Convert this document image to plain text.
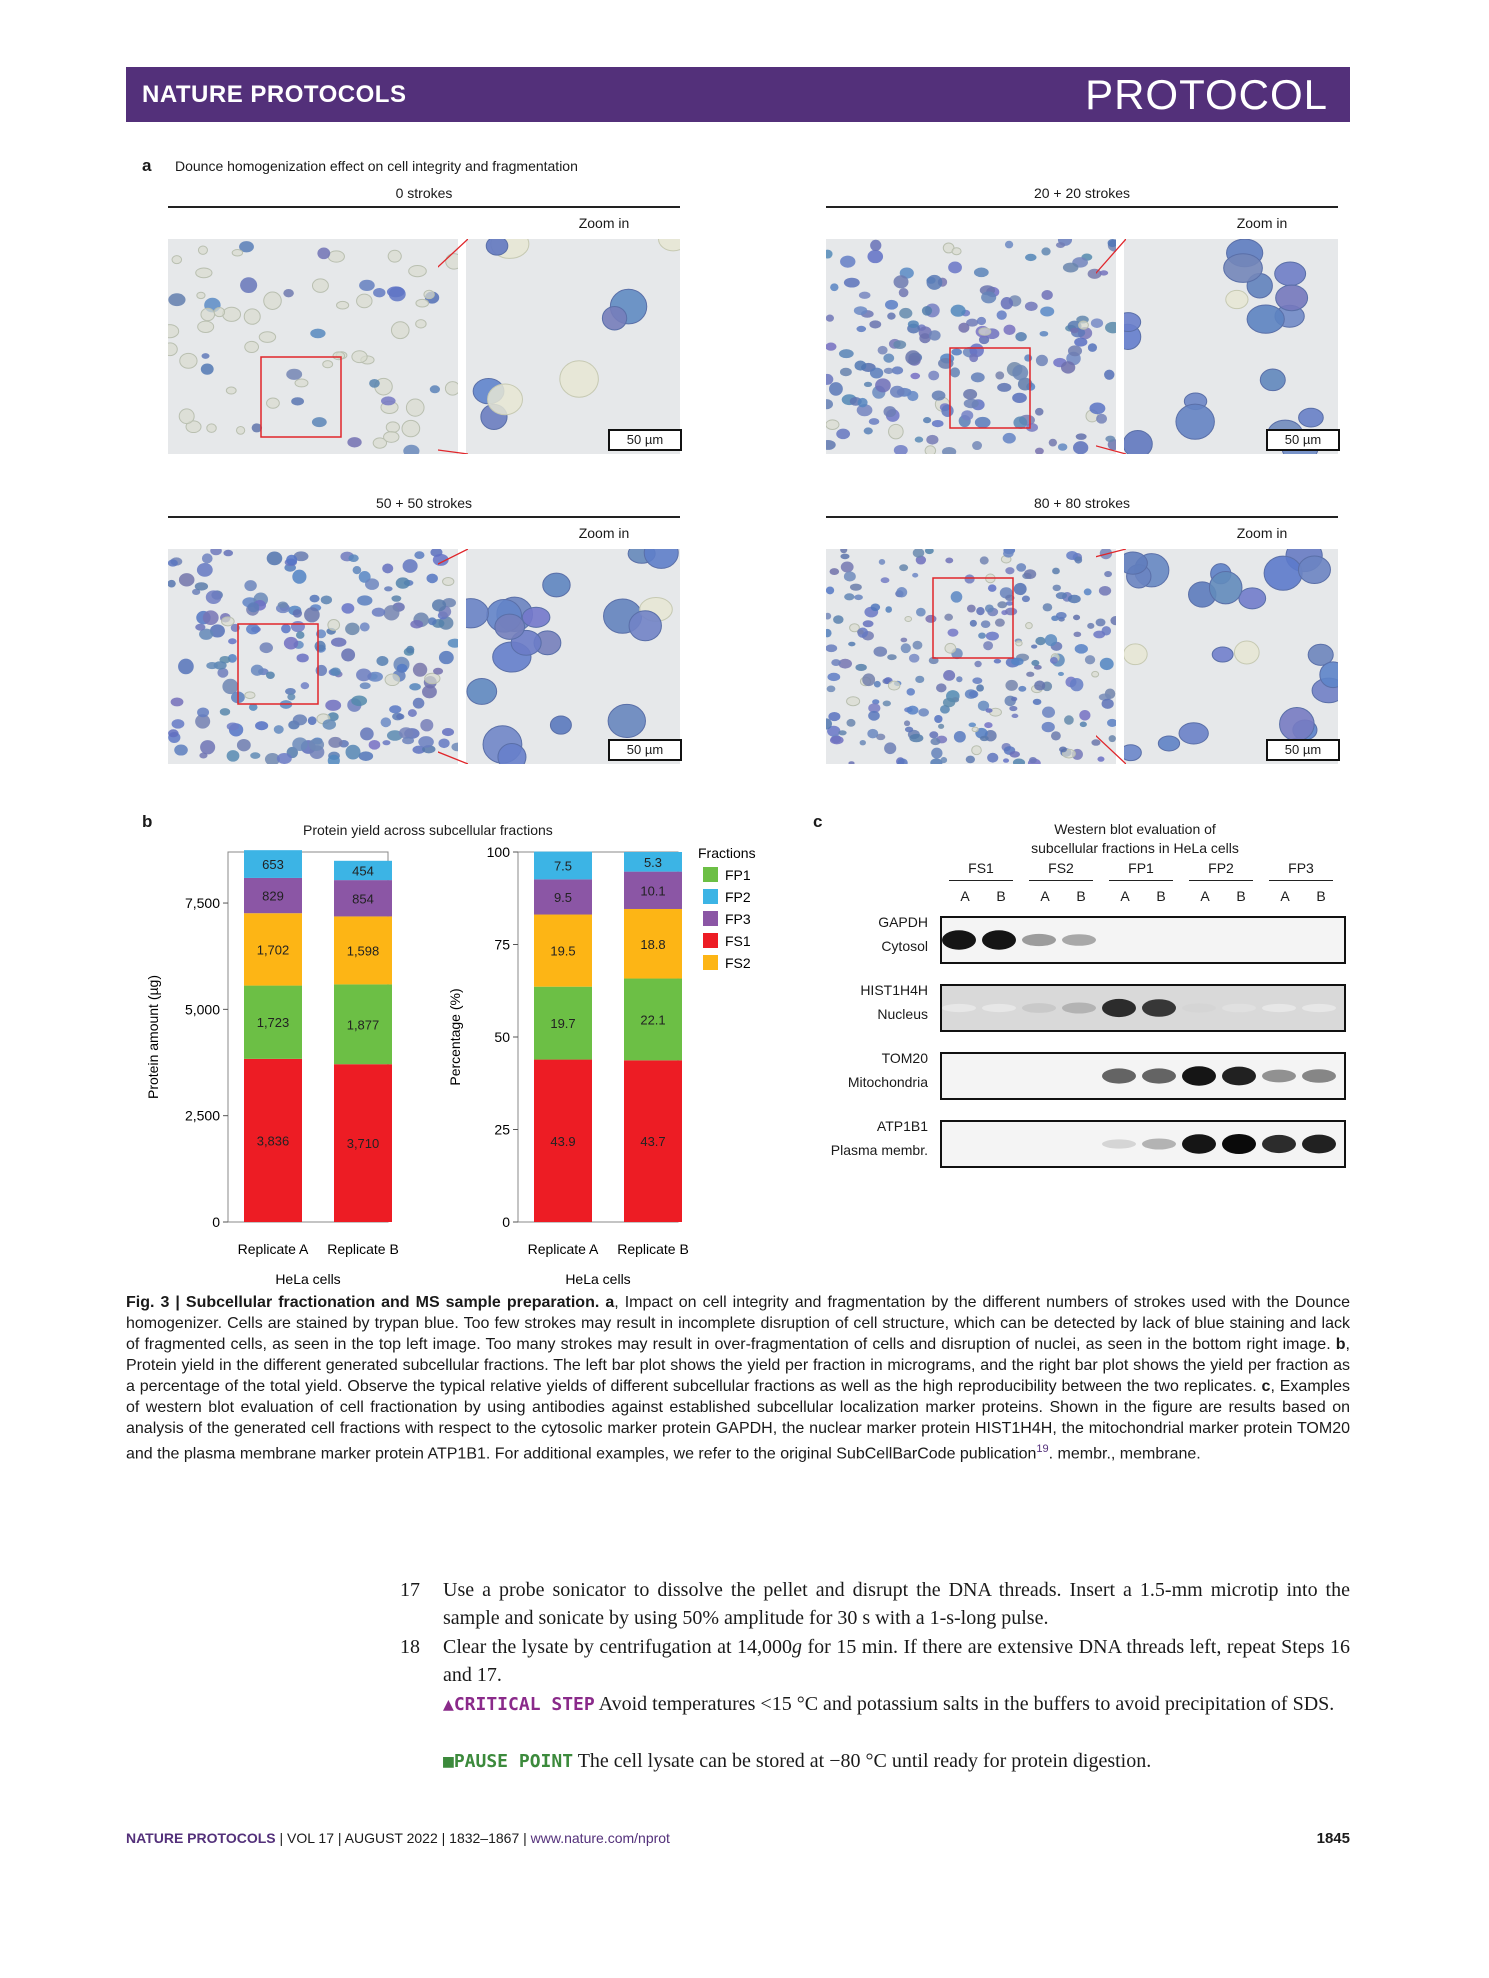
NATURE PROTOCOLS	PROTOCOL
a Dounce homogenization effect on cell integrity and fragmentation
0 strokes
Zoom in
50 µm
20 + 20 strokes
Zoom in
50 µm
50 + 50 strokes
Zoom in
50 µm
80 + 80 strokes
Zoom in
50 µm
b	Protein yield across subcellular fractions
0
2,500
5,000
7,500
Protein amount (µg)
3,836
1,723
1,702
829
653
Replicate A
3,710
1,877
1,598
854
454
Replicate B
HeLa cells
0
25
50
75
100
Percentage (%)
43.9
19.7
19.5
9.5
7.5
Replicate A
43.7
22.1
18.8
10.1
5.3
Replicate B
HeLa cells
Fractions
FP1
FP2
FP3
FS1
FS2
c	Western blot evaluation of
subcellular fractions in HeLa cells
FS1	FS2	FP1	FP2	FP3
A	B	A	B	A	B	A	B	A	B
GAPDH
Cytosol
HIST1H4H
Nucleus
TOM20
Mitochondria
ATP1B1
Plasma membr.
Fig. 3 | Subcellular fractionation and MS sample preparation. a, Impact on cell integrity and fragmentation by the different numbers of strokes used with the Dounce homogenizer. Cells are stained by trypan blue. Too few strokes may result in incomplete disruption of cell structure, which can be detected by lack of blue staining and lack of fragmented cells, as seen in the top left image. Too many strokes may result in over-fragmentation of cells and disruption of nuclei, as seen in the bottom right image. b, Protein yield in the different generated subcellular fractions. The left bar plot shows the yield per fraction in micrograms, and the right bar plot shows the yield per fraction as a percentage of the total yield. Observe the typical relative yields of different subcellular fractions as well as the high reproducibility between the two replicates. c, Examples of western blot evaluation of cell fractionation by using antibodies against established subcellular localization marker proteins. Shown in the figure are results based on analysis of the generated cell fractions with respect to the cytosolic marker protein GAPDH, the nuclear marker protein HIST1H4H, the mitochondrial marker protein TOM20 and the plasma membrane marker protein ATP1B1. For additional examples, we refer to the original SubCellBarCode publication$^{19}$. membr., membrane.
17	Use a probe sonicator to dissolve the pellet and disrupt the DNA threads. Insert a 1.5-mm microtip into the sample and sonicate by using 50% amplitude for 30 s with a 1-s-long pulse.
18	Clear the lysate by centrifugation at 14,000g for 15 min. If there are extensive DNA threads left, repeat Steps 16 and 17.
▲CRITICAL STEP Avoid temperatures <15 °C and potassium salts in the buffers to avoid precipitation of SDS.
■PAUSE POINT The cell lysate can be stored at −80 °C until ready for protein digestion.
NATURE PROTOCOLS | VOL 17 | AUGUST 2022 | 1832–1867 | www.nature.com/nprot	1845
